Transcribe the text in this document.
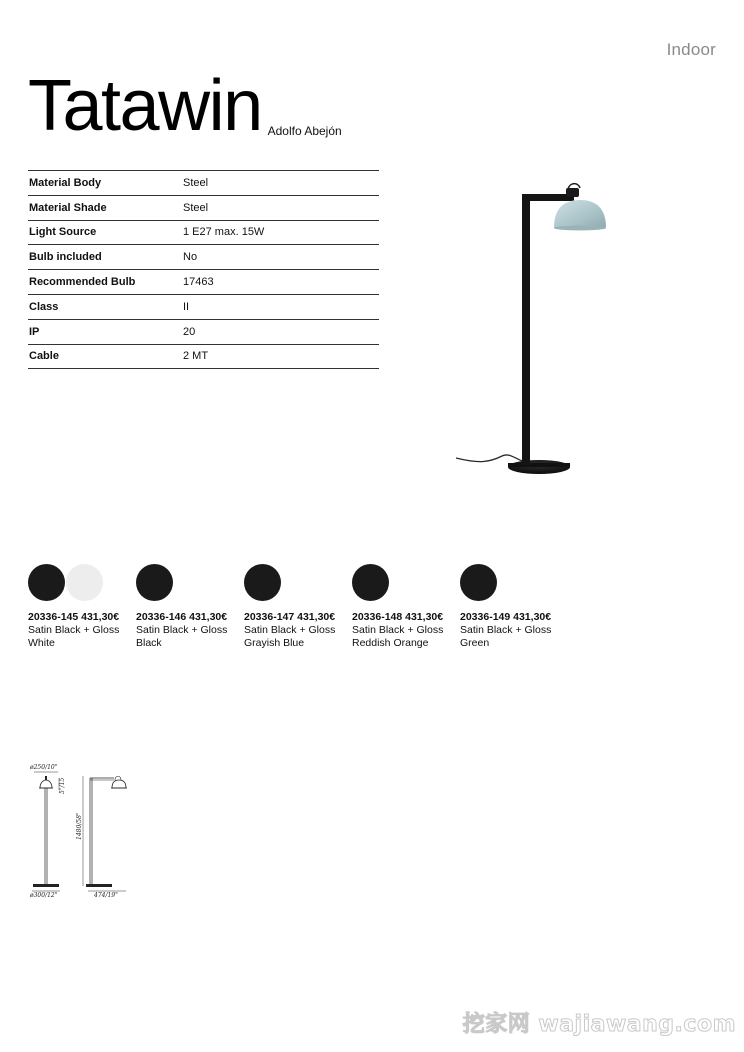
Indoor
Tatawin Adolfo Abejón
Material Body	Steel
Material Shade	Steel
Light Source	1 E27 max. 15W
Bulb included	No
Recommended Bulb	17463
Class	II
IP	20
Cable	2 MT
20336-145 431,30€
Satin Black + Gloss White
20336-146 431,30€
Satin Black + Gloss Black
20336-147 431,30€
Satin Black + Gloss Grayish Blue
20336-148 431,30€
Satin Black + Gloss Reddish Orange
20336-149 431,30€
Satin Black + Gloss Green
ø250/10"
ø300/12"
5"/15
1480/58"
474/19"
挖家网 wajiawang.com
